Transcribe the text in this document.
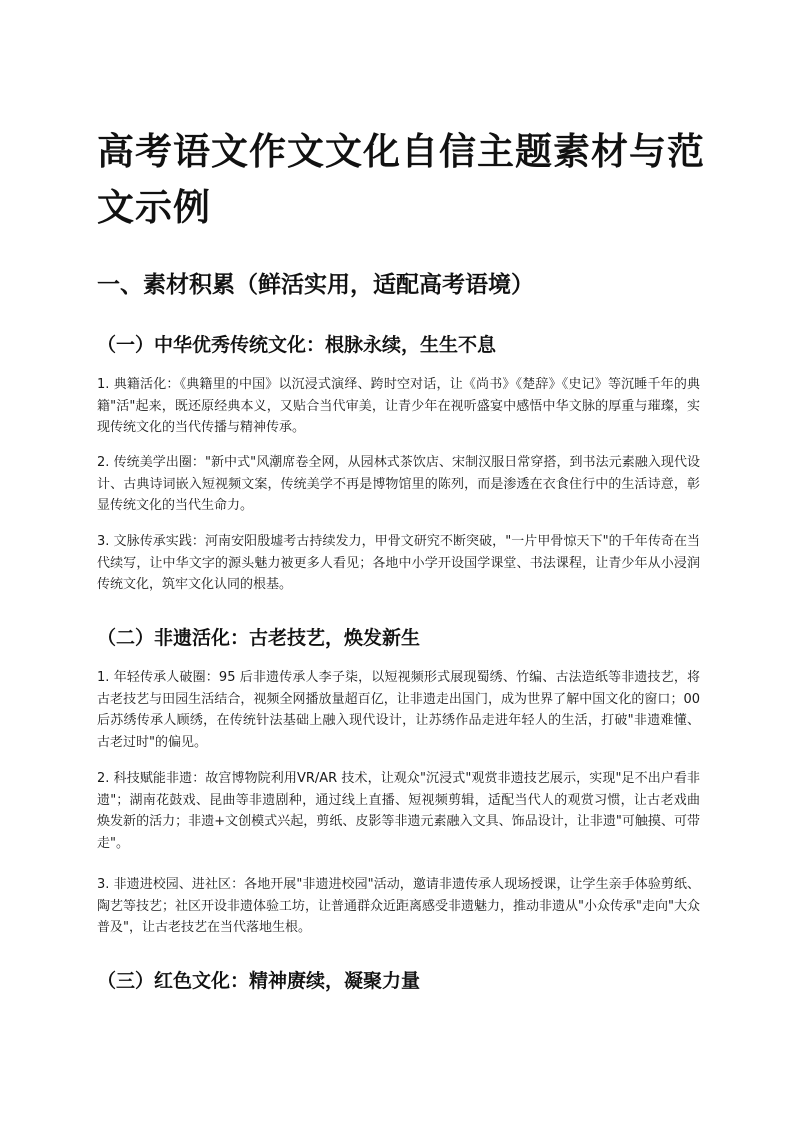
高考语文作文文化自信主题素材与范文示例
一、素材积累（鲜活实用，适配高考语境）
（一）中华优秀传统文化：根脉永续，生生不息

1. 典籍活化：《典籍里的中国》以沉浸式演绎、跨时空对话，让《尚书》《楚辞》《史记》等沉睡千年的典籍"活"起来，既还原经典本义，又贴合当代审美，让青少年在视听盛宴中感悟中华文脉的厚重与璀璨，实现传统文化的当代传播与精神传承。

2. 传统美学出圈："新中式"风潮席卷全网，从园林式茶饮店、宋制汉服日常穿搭，到书法元素融入现代设计、古典诗词嵌入短视频文案，传统美学不再是博物馆里的陈列，而是渗透在衣食住行中的生活诗意，彰显传统文化的当代生命力。

3. 文脉传承实践：河南安阳殷墟考古持续发力，甲骨文研究不断突破，"一片甲骨惊天下"的千年传奇在当代续写，让中华文字的源头魅力被更多人看见；各地中小学开设国学课堂、书法课程，让青少年从小浸润传统文化，筑牢文化认同的根基。

（二）非遗活化：古老技艺，焕发新生

1. 年轻传承人破圈：95 后非遗传承人李子柒，以短视频形式展现蜀绣、竹编、古法造纸等非遗技艺，将古老技艺与田园生活结合，视频全网播放量超百亿，让非遗走出国门，成为世界了解中国文化的窗口；00 后苏绣传承人顾绣，在传统针法基础上融入现代设计，让苏绣作品走进年轻人的生活，打破"非遗难懂、古老过时"的偏见。

2. 科技赋能非遗：故宫博物院利用VR/AR 技术，让观众"沉浸式"观赏非遗技艺展示，实现"足不出户看非遗"；湖南花鼓戏、昆曲等非遗剧种，通过线上直播、短视频剪辑，适配当代人的观赏习惯，让古老戏曲焕发新的活力；非遗+文创模式兴起，剪纸、皮影等非遗元素融入文具、饰品设计，让非遗"可触摸、可带走"。

3. 非遗进校园、进社区：各地开展"非遗进校园"活动，邀请非遗传承人现场授课，让学生亲手体验剪纸、陶艺等技艺；社区开设非遗体验工坊，让普通群众近距离感受非遗魅力，推动非遗从"小众传承"走向"大众普及"，让古老技艺在当代落地生根。

（三）红色文化：精神赓续，凝聚力量
